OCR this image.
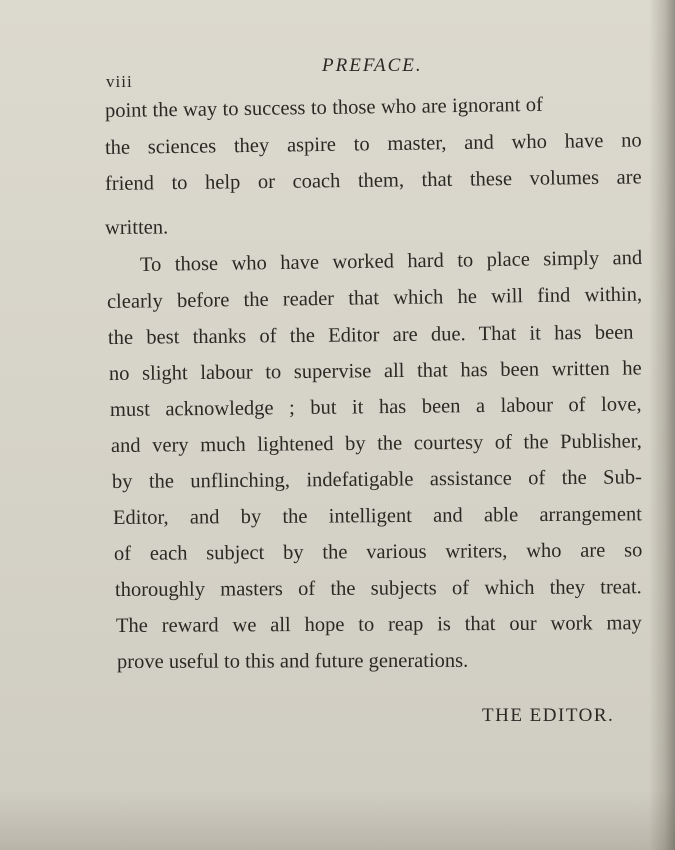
viii
PREFACE.
point the way to success to those who are ignorant of
the sciences they aspire to master, and who have no
friend to help or coach them, that these volumes are
written.
To those who have worked hard to place simply and
clearly before the reader that which he will find within,
the best thanks of the Editor are due. That it has been
no slight labour to supervise all that has been written he
must acknowledge ; but it has been a labour of love,
and very much lightened by the courtesy of the Publisher,
by the unflinching, indefatigable assistance of the Sub-
Editor, and by the intelligent and able arrangement
of each subject by the various writers, who are so
thoroughly masters of the subjects of which they treat.
The reward we all hope to reap is that our work may
prove useful to this and future generations.
THE EDITOR.
